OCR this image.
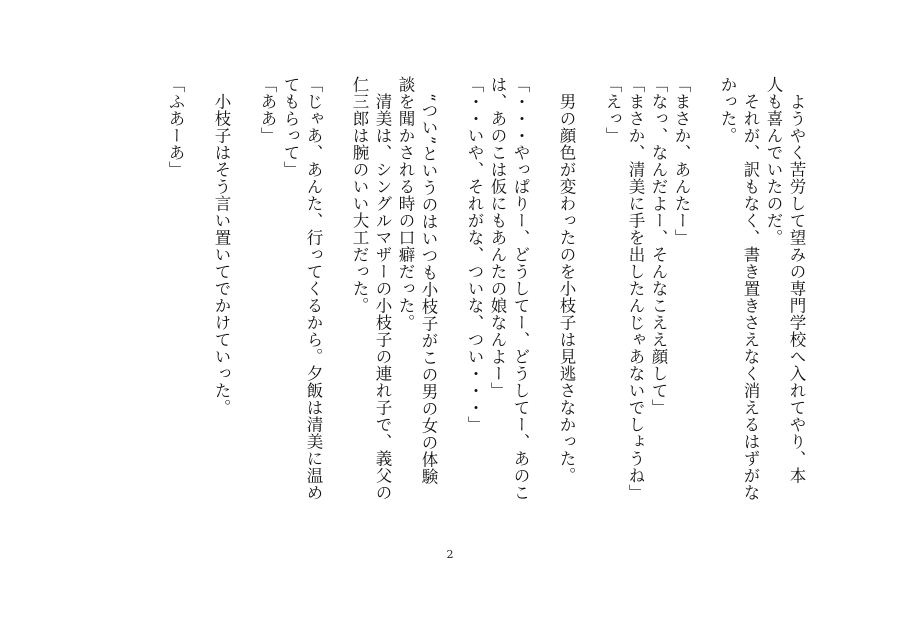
　ようやく苦労して望みの専門学校へ入れてやり、本
人も喜んでいたのだ。
　それが、訳もなく、書き置きさえなく消えるはずがな
かった。
「まさか、あんたー」
「なっ、なんだよー、そんなこええ顔して」
「まさか、清美に手を出したんじゃあないでしょうね」
「えっ」
　男の顔色が変わったのを小枝子は見逃さなかった。
「・・・やっぱりー、どうしてー、どうしてー、あのこ
は、あのこは仮にもあんたの娘なんよー」
「・・いや、それがな、ついな、つい・・・」
　“つい”というのはいつも小枝子がこの男の女の体験
談を聞かされる時の口癖だった。
　清美は、シングルマザーの小枝子の連れ子で、義父の
仁三郎は腕のいい大工だった。
「じゃあ、あんた、行ってくるから。夕飯は清美に温め
てもらって」
「ああ」
　小枝子はそう言い置いてでかけていった。
「ふあーあ」
2
